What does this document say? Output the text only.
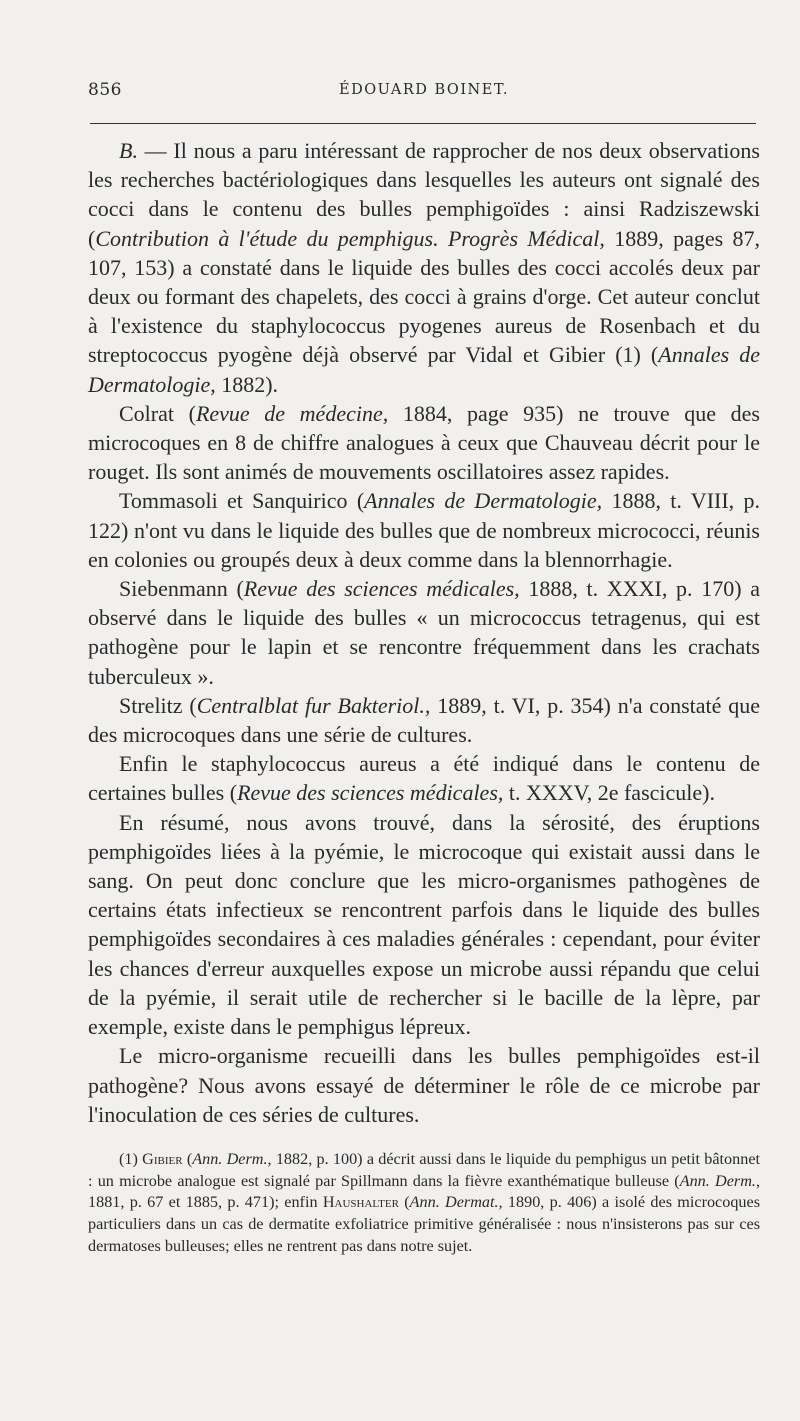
856	ÉDOUARD BOINET.

B. — Il nous a paru intéressant de rapprocher de nos deux observations les recherches bactériologiques dans lesquelles les auteurs ont signalé des cocci dans le contenu des bulles pemphigoïdes : ainsi Radziszewski (Contribution à l'étude du pemphigus. Progrès Médical, 1889, pages 87, 107, 153) a constaté dans le liquide des bulles des cocci accolés deux par deux ou formant des chapelets, des cocci à grains d'orge. Cet auteur conclut à l'existence du staphylococcus pyogenes aureus de Rosenbach et du streptococcus pyogène déjà observé par Vidal et Gibier (1) (Annales de Dermatologie, 1882).

Colrat (Revue de médecine, 1884, page 935) ne trouve que des microcoques en 8 de chiffre analogues à ceux que Chauveau décrit pour le rouget. Ils sont animés de mouvements oscillatoires assez rapides.

Tommasoli et Sanquirico (Annales de Dermatologie, 1888, t. VIII, p. 122) n'ont vu dans le liquide des bulles que de nombreux micrococci, réunis en colonies ou groupés deux à deux comme dans la blennorrhagie.

Siebenmann (Revue des sciences médicales, 1888, t. XXXI, p. 170) a observé dans le liquide des bulles « un micrococcus tetragenus, qui est pathogène pour le lapin et se rencontre fréquemment dans les crachats tuberculeux ».

Strelitz (Centralblat fur Bakteriol., 1889, t. VI, p. 354) n'a constaté que des microcoques dans une série de cultures.

Enfin le staphylococcus aureus a été indiqué dans le contenu de certaines bulles (Revue des sciences médicales, t. XXXV, 2e fascicule).

En résumé, nous avons trouvé, dans la sérosité, des éruptions pemphigoïdes liées à la pyémie, le microcoque qui existait aussi dans le sang. On peut donc conclure que les micro-organismes pathogènes de certains états infectieux se rencontrent parfois dans le liquide des bulles pemphigoïdes secondaires à ces maladies générales : cependant, pour éviter les chances d'erreur auxquelles expose un microbe aussi répandu que celui de la pyémie, il serait utile de rechercher si le bacille de la lèpre, par exemple, existe dans le pemphigus lépreux.

Le micro-organisme recueilli dans les bulles pemphigoïdes est-il pathogène? Nous avons essayé de déterminer le rôle de ce microbe par l'inoculation de ces séries de cultures.

(1) Gibier (Ann. Derm., 1882, p. 100) a décrit aussi dans le liquide du pemphigus un petit bâtonnet : un microbe analogue est signalé par Spillmann dans la fièvre exanthématique bulleuse (Ann. Derm., 1881, p. 67 et 1885, p. 471); enfin Haushalter (Ann. Dermat., 1890, p. 406) a isolé des microcoques particuliers dans un cas de dermatite exfoliatrice primitive généralisée : nous n'insisterons pas sur ces dermatoses bulleuses; elles ne rentrent pas dans notre sujet.
